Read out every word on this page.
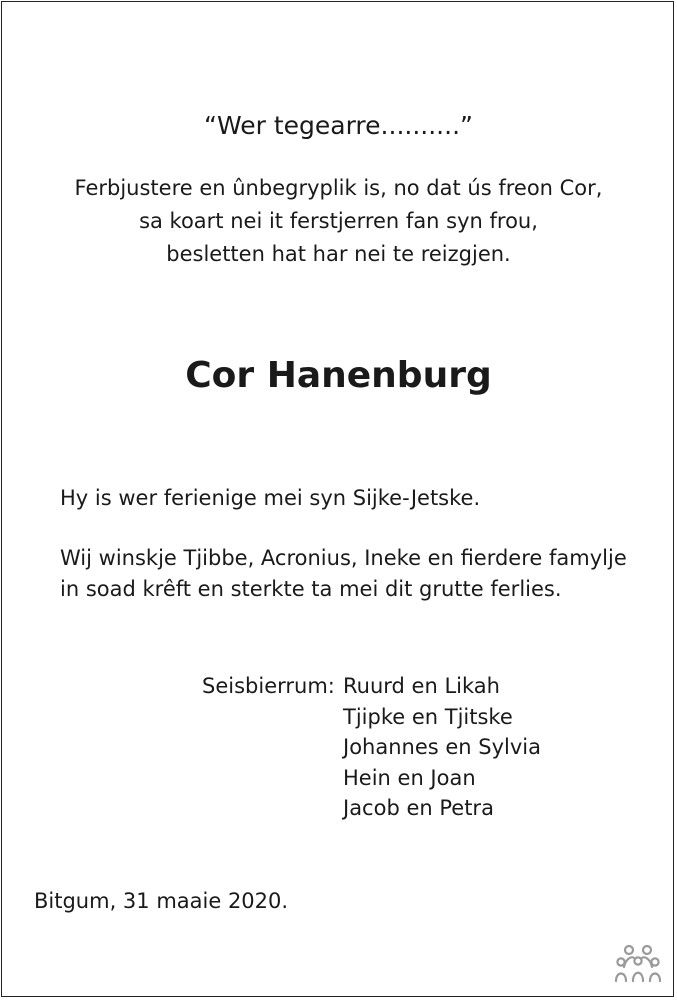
“Wer tegearre..........”
Ferbjustere en ûnbegryplik is, no dat ús freon Cor,
sa koart nei it ferstjerren fan syn frou,
besletten hat har nei te reizgjen.
Cor Hanenburg
Hy is wer ferienige mei syn Sijke-Jetske.
Wij winskje Tjibbe, Acronius, Ineke en fierdere famylje
in soad krêft en sterkte ta mei dit grutte ferlies.
Seisbierrum: Ruurd en Likah
Tjipke en Tjitske
Johannes en Sylvia
Hein en Joan
Jacob en Petra
Bitgum, 31 maaie 2020.
